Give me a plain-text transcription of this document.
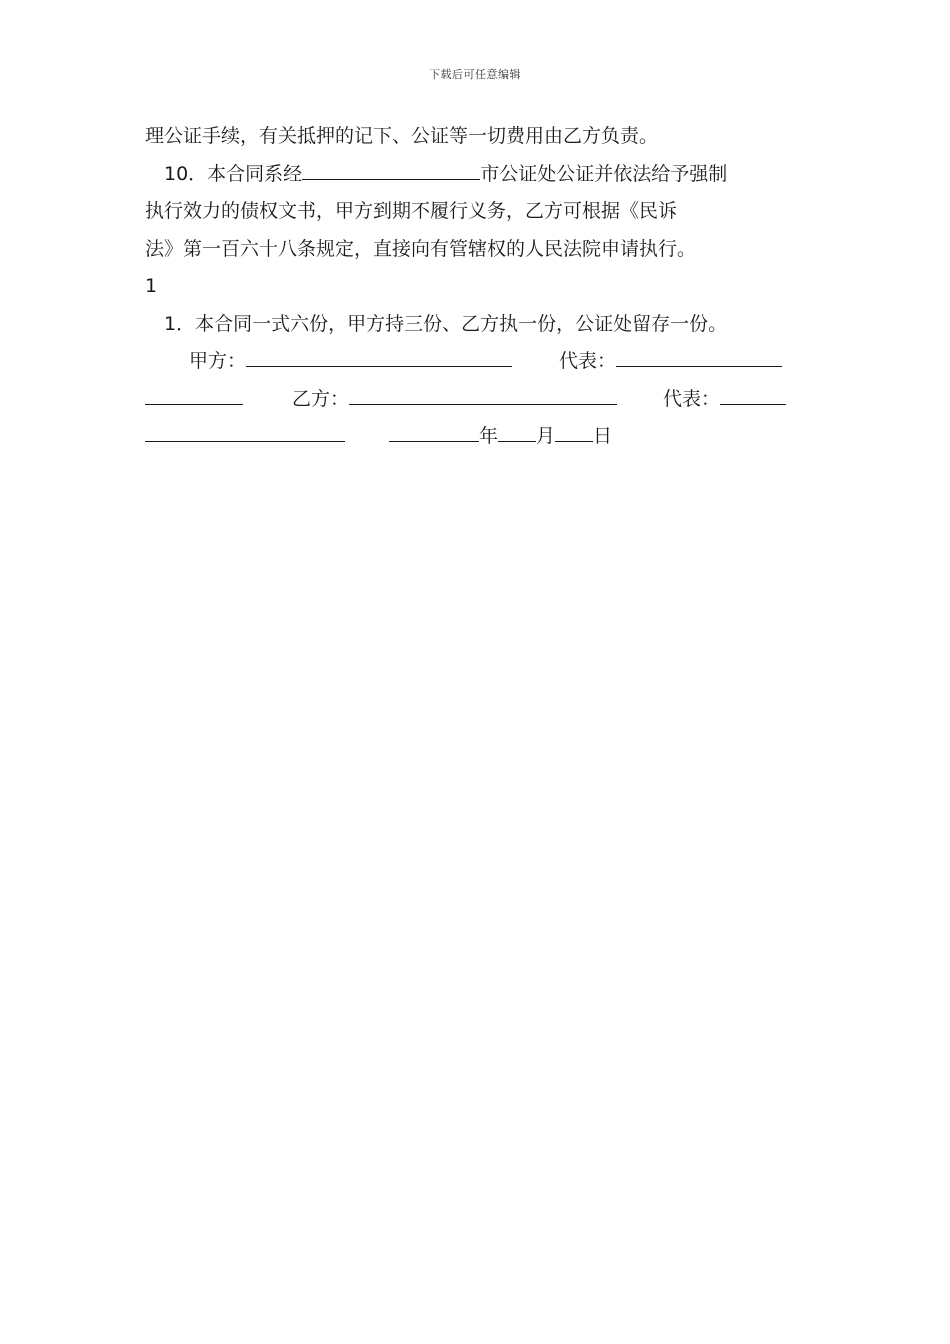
下载后可任意编辑
理公证手续，有关抵押的记下、公证等一切费用由乙方负责。
10．本合同系经	市公证处公证并依法给予强制
执行效力的债权文书，甲方到期不履行义务，乙方可根据《民诉
法》第一百六十八条规定，直接向有管辖权的人民法院申请执行。
1
1．本合同一式六份，甲方持三份、乙方执一份，公证处留存一份。
甲方：	代表：
乙方：	代表：
年 月 日
